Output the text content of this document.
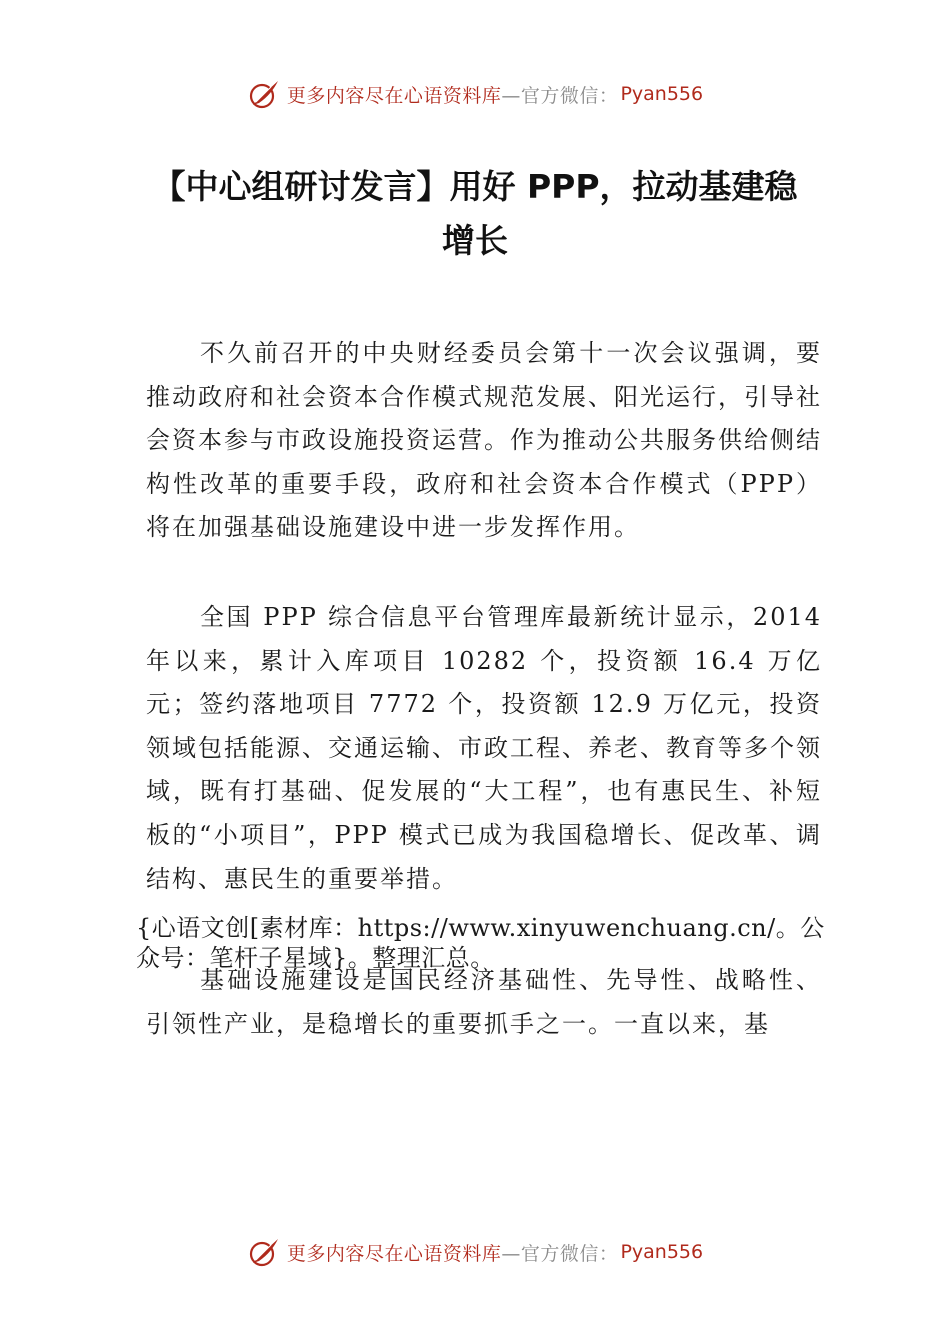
更多内容尽在心语资料库 —官方微信： Pyan556
【中心组研讨发言】用好 PPP，拉动基建稳
增长
不久前召开的中央财经委员会第十一次会议强调，要推动政府和社会资本合作模式规范发展、阳光运行，引导社会资本参与市政设施投资运营。作为推动公共服务供给侧结构性改革的重要手段，政府和社会资本合作模式（PPP）将在加强基础设施建设中进一步发挥作用。
全国 PPP 综合信息平台管理库最新统计显示，2014 年以来，累计入库项目 10282 个，投资额 16.4 万亿元；签约落地项目 7772 个，投资额 12.9 万亿元，投资领域包括能源、交通运输、市政工程、养老、教育等多个领域，既有打基础、促发展的“大工程”，也有惠民生、补短板的“小项目”，PPP 模式已成为我国稳增长、促改革、调结构、惠民生的重要举措。
{心语文创[素材库：https://www.xinyuwenchuang.cn/。公众号：笔杆子星域}。整理汇总。
基础设施建设是国民经济基础性、先导性、战略性、引领性产业，是稳增长的重要抓手之一。一直以来，基
更多内容尽在心语资料库 —官方微信： Pyan556
